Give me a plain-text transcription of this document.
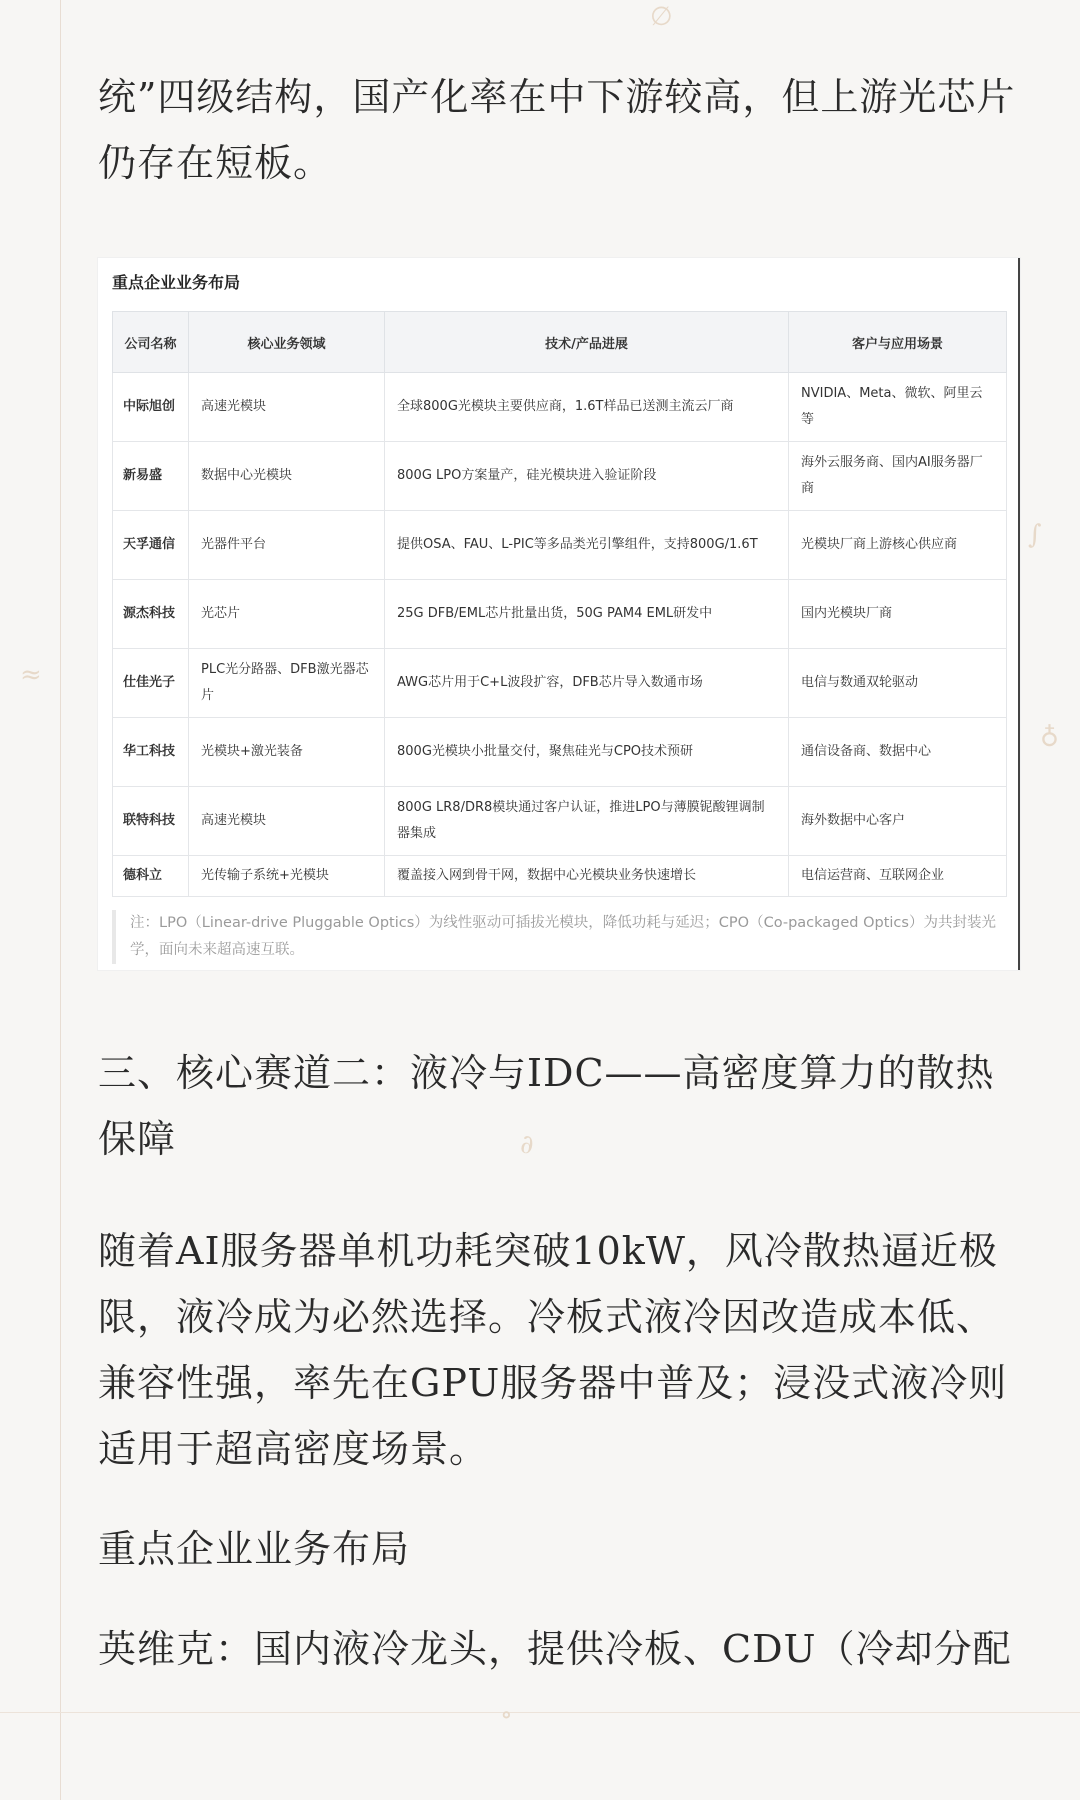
∅
∫
≈
♁
∂
∘

统”四级结构，国产化率在中下游较高，但上游光芯片仍存在短板。

重点企业业务布局
公司名称	核心业务领域	技术/产品进展	客户与应用场景
中际旭创	高速光模块	全球800G光模块主要供应商，1.6T样品已送测主流云厂商	NVIDIA、Meta、微软、阿里云等
新易盛	数据中心光模块	800G LPO方案量产，硅光模块进入验证阶段	海外云服务商、国内AI服务器厂商
天孚通信	光器件平台	提供OSA、FAU、L-PIC等多品类光引擎组件，支持800G/1.6T	光模块厂商上游核心供应商
源杰科技	光芯片	25G DFB/EML芯片批量出货，50G PAM4 EML研发中	国内光模块厂商
仕佳光子	PLC光分路器、DFB激光器芯片	AWG芯片用于C+L波段扩容，DFB芯片导入数通市场	电信与数通双轮驱动
华工科技	光模块+激光装备	800G光模块小批量交付，聚焦硅光与CPO技术预研	通信设备商、数据中心
联特科技	高速光模块	800G LR8/DR8模块通过客户认证，推进LPO与薄膜铌酸锂调制器集成	海外数据中心客户
德科立	光传输子系统+光模块	覆盖接入网到骨干网，数据中心光模块业务快速增长	电信运营商、互联网企业
注：LPO（Linear-drive Pluggable Optics）为线性驱动可插拔光模块，降低功耗与延迟；CPO（Co-packaged Optics）为共封装光学，面向未来超高速互联。

三、核心赛道二：液冷与IDC——高密度算力的散热保障

随着AI服务器单机功耗突破10kW，风冷散热逼近极限，液冷成为必然选择。冷板式液冷因改造成本低、兼容性强，率先在GPU服务器中普及；浸没式液冷则适用于超高密度场景。

重点企业业务布局

英维克：国内液冷龙头，提供冷板、CDU（冷却分配
